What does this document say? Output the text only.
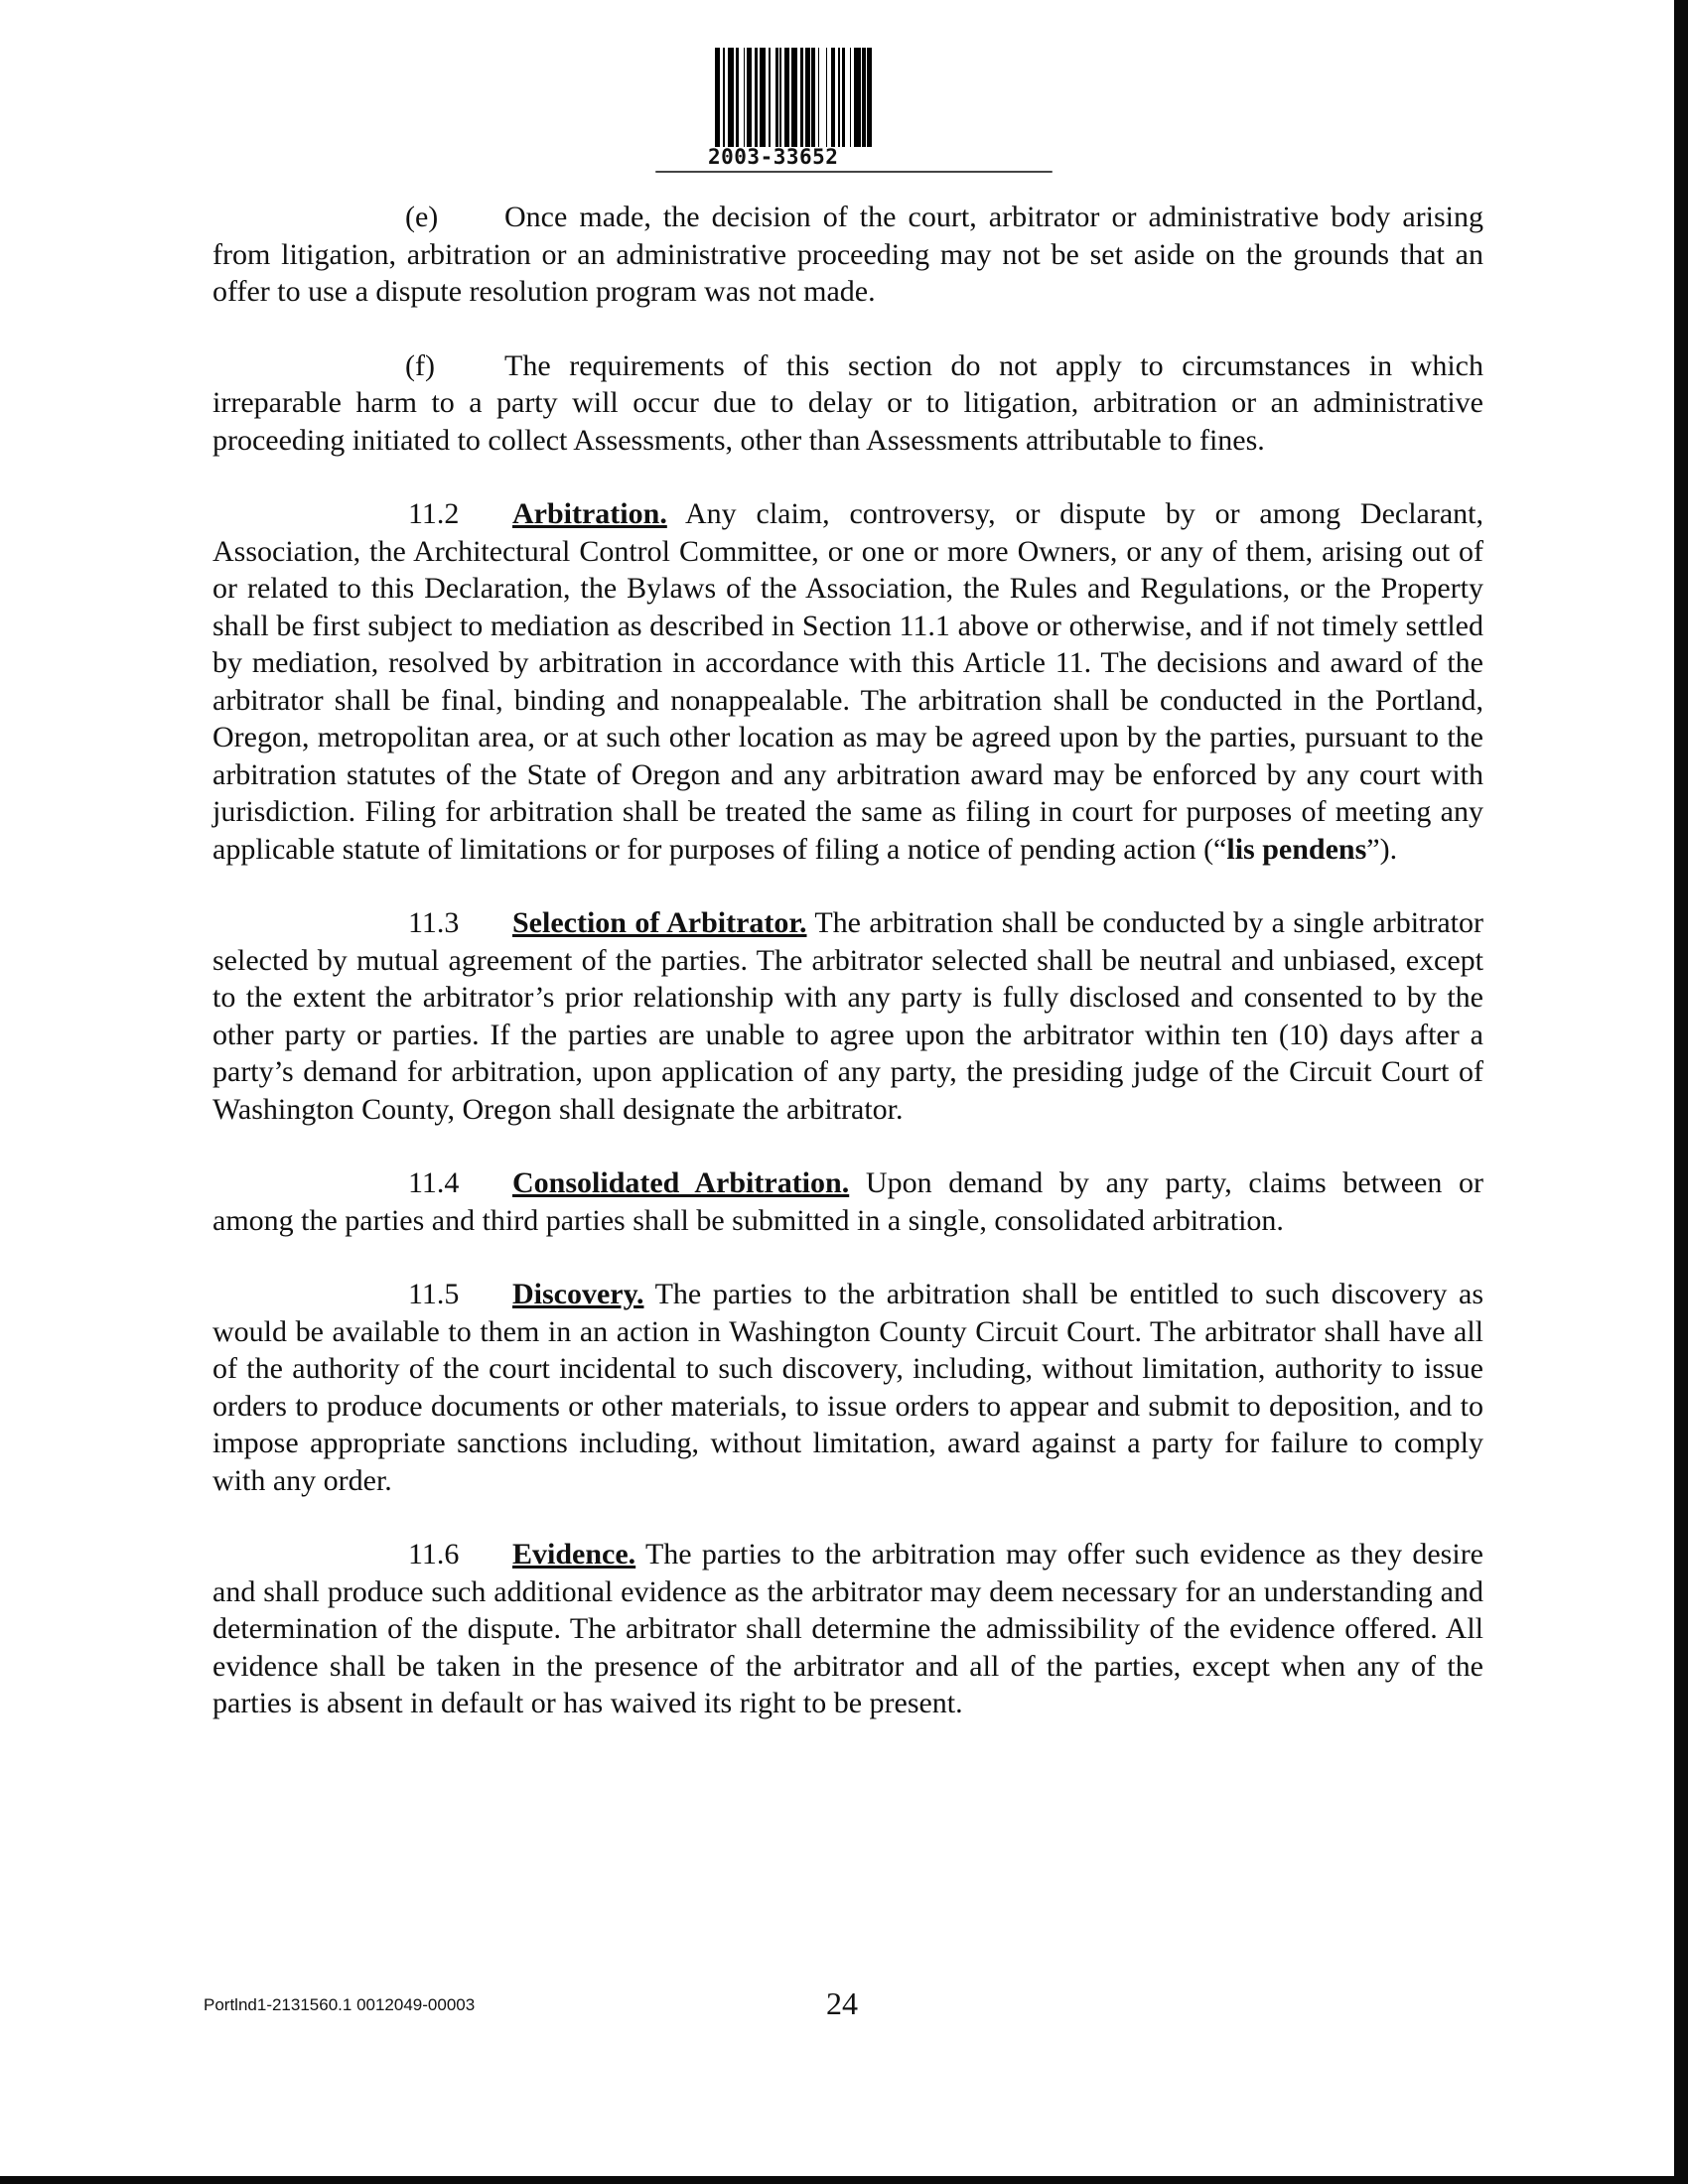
2003-33652

(e) Once made, the decision of the court, arbitrator or administrative body arising from litigation, arbitration or an administrative proceeding may not be set aside on the grounds that an offer to use a dispute resolution program was not made.

(f) The requirements of this section do not apply to circumstances in which irreparable harm to a party will occur due to delay or to litigation, arbitration or an administrative proceeding initiated to collect Assessments, other than Assessments attributable to fines.

11.2 Arbitration. Any claim, controversy, or dispute by or among Declarant, Association, the Architectural Control Committee, or one or more Owners, or any of them, arising out of or related to this Declaration, the Bylaws of the Association, the Rules and Regulations, or the Property shall be first subject to mediation as described in Section 11.1 above or otherwise, and if not timely settled by mediation, resolved by arbitration in accordance with this Article 11. The decisions and award of the arbitrator shall be final, binding and nonappealable. The arbitration shall be conducted in the Portland, Oregon, metropolitan area, or at such other location as may be agreed upon by the parties, pursuant to the arbitration statutes of the State of Oregon and any arbitration award may be enforced by any court with jurisdiction. Filing for arbitration shall be treated the same as filing in court for purposes of meeting any applicable statute of limitations or for purposes of filing a notice of pending action (“lis pendens”).

11.3 Selection of Arbitrator. The arbitration shall be conducted by a single arbitrator selected by mutual agreement of the parties. The arbitrator selected shall be neutral and unbiased, except to the extent the arbitrator’s prior relationship with any party is fully disclosed and consented to by the other party or parties. If the parties are unable to agree upon the arbitrator within ten (10) days after a party’s demand for arbitration, upon application of any party, the presiding judge of the Circuit Court of Washington County, Oregon shall designate the arbitrator.

11.4 Consolidated Arbitration. Upon demand by any party, claims between or among the parties and third parties shall be submitted in a single, consolidated arbitration.

11.5 Discovery. The parties to the arbitration shall be entitled to such discovery as would be available to them in an action in Washington County Circuit Court. The arbitrator shall have all of the authority of the court incidental to such discovery, including, without limitation, authority to issue orders to produce documents or other materials, to issue orders to appear and submit to deposition, and to impose appropriate sanctions including, without limitation, award against a party for failure to comply with any order.

11.6 Evidence. The parties to the arbitration may offer such evidence as they desire and shall produce such additional evidence as the arbitrator may deem necessary for an understanding and determination of the dispute. The arbitrator shall determine the admissibility of the evidence offered. All evidence shall be taken in the presence of the arbitrator and all of the parties, except when any of the parties is absent in default or has waived its right to be present.

Portlnd1-2131560.1 0012049-00003	24
